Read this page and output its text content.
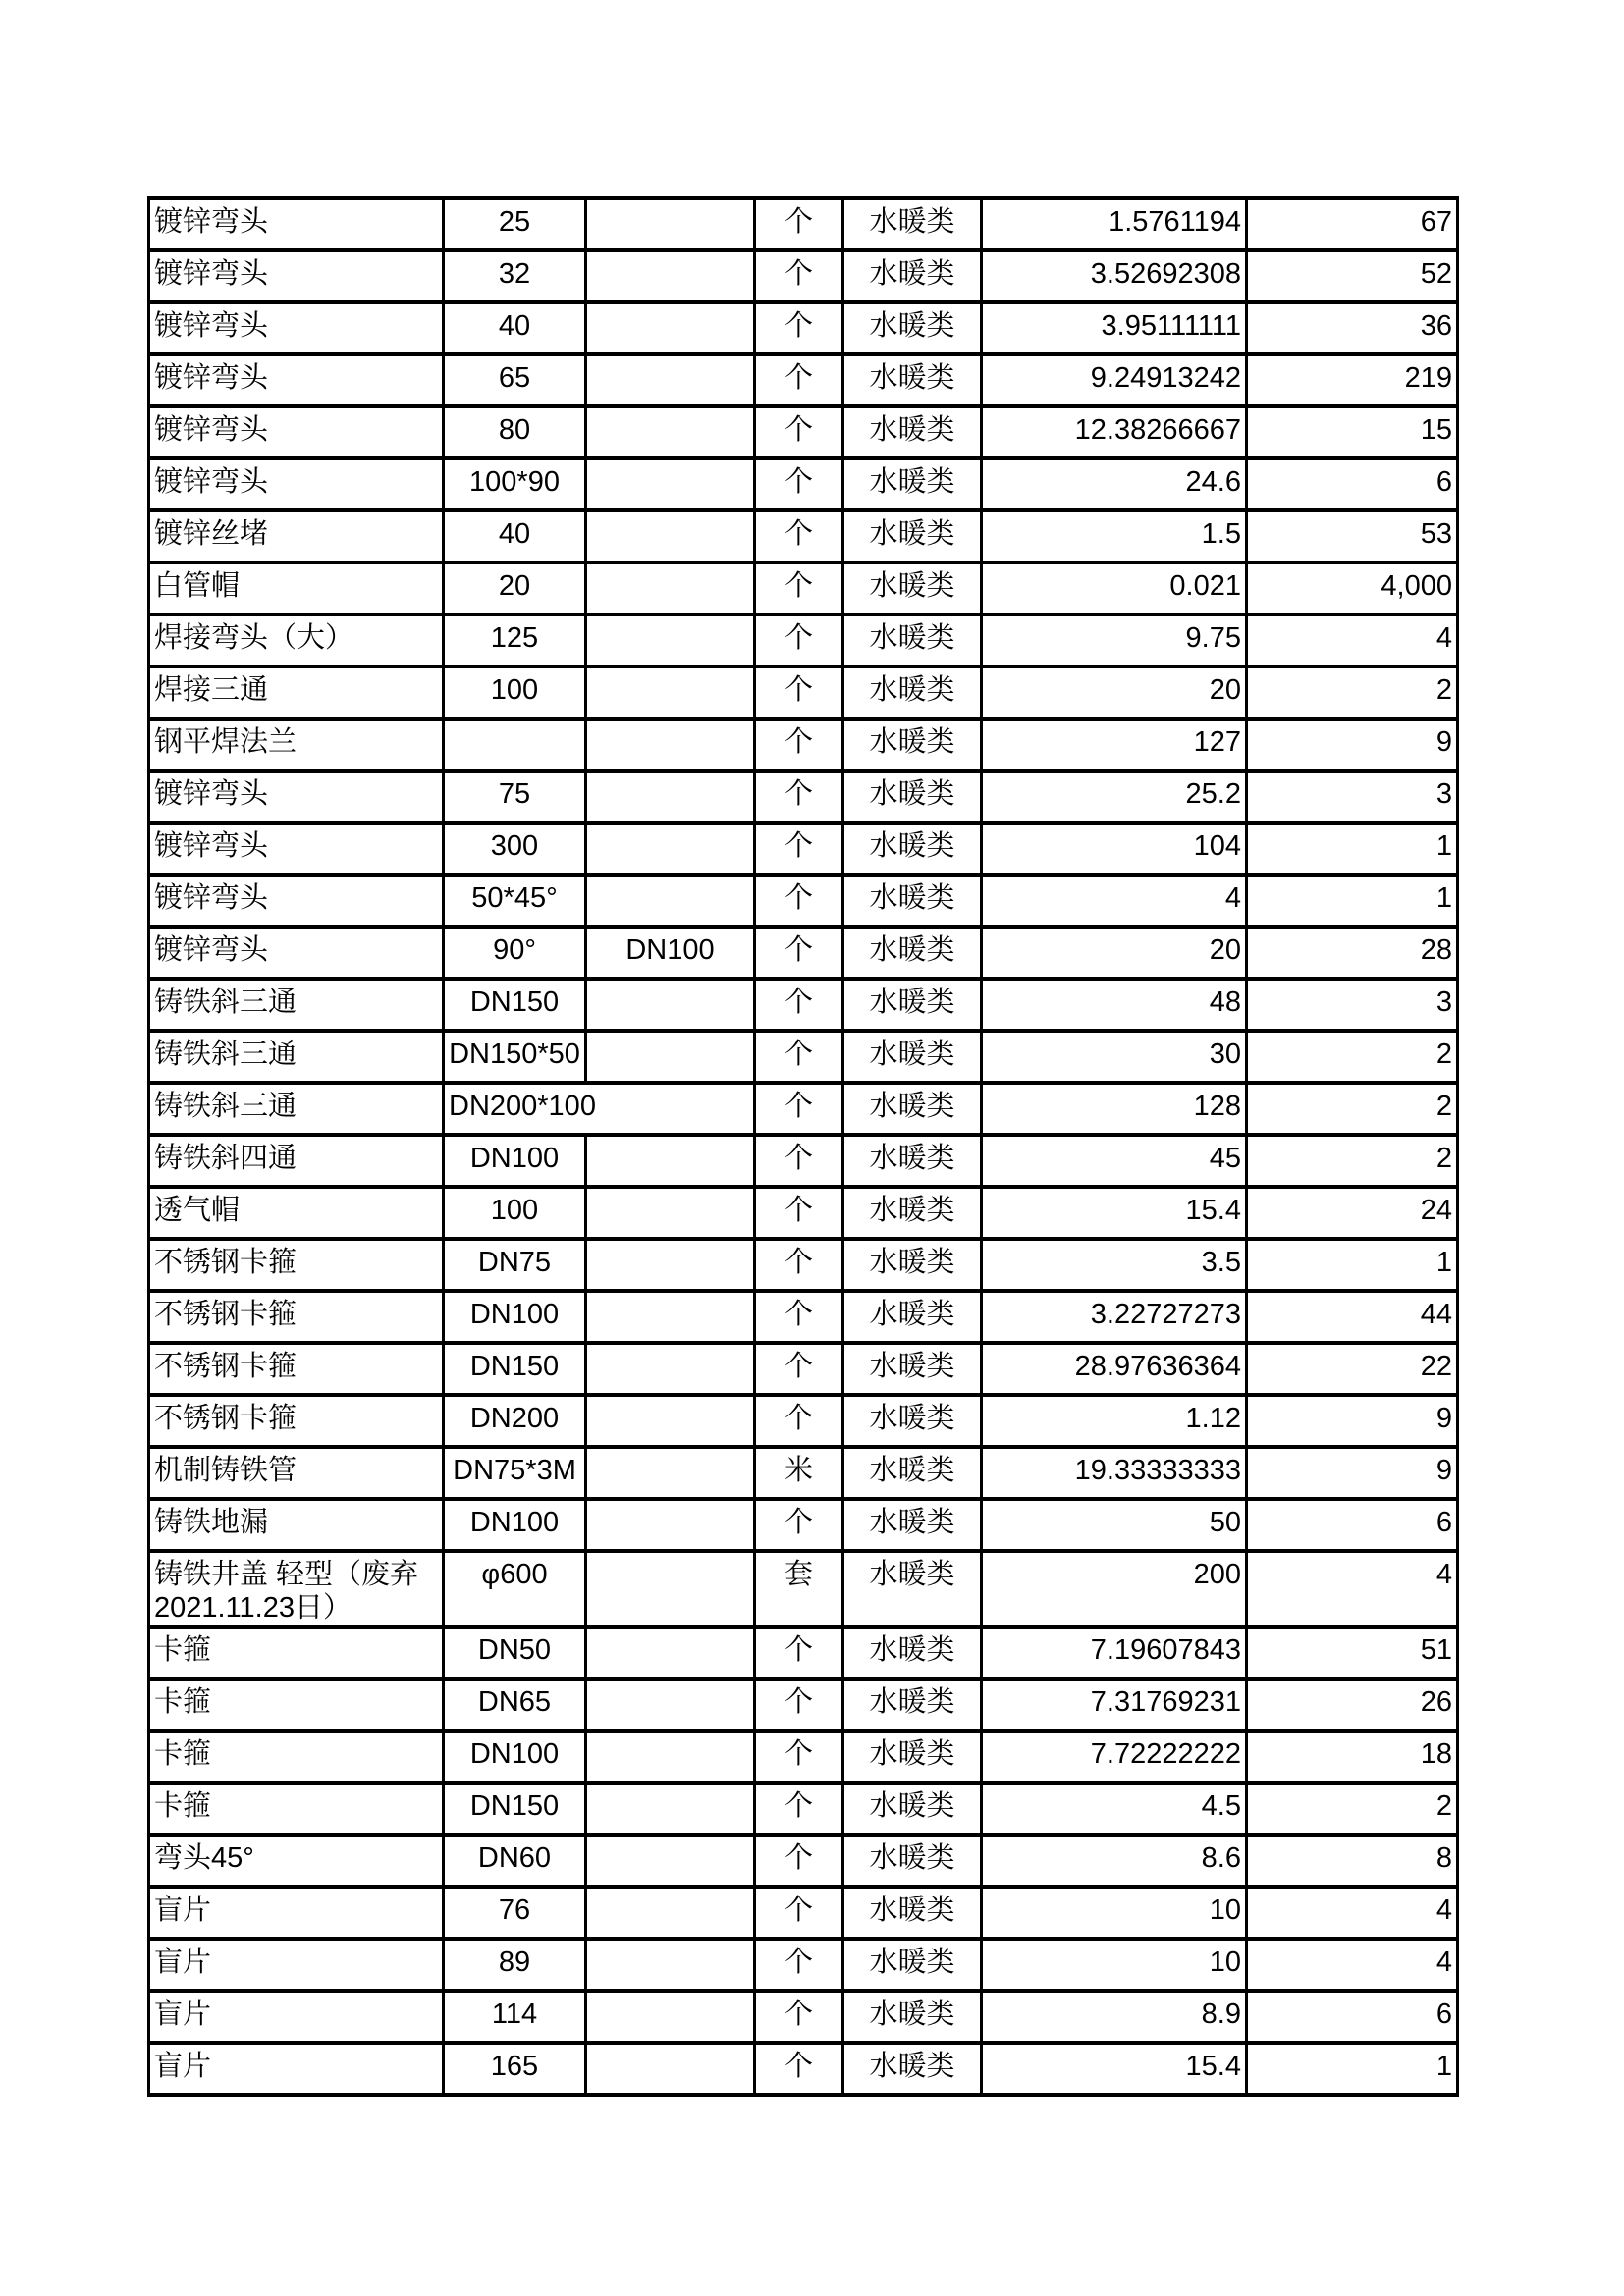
镀锌弯头	25		个	水暖类	1.5761194	67
镀锌弯头	32		个	水暖类	3.52692308	52
镀锌弯头	40		个	水暖类	3.95111111	36
镀锌弯头	65		个	水暖类	9.24913242	219
镀锌弯头	80		个	水暖类	12.38266667	15
镀锌弯头	100*90		个	水暖类	24.6	6
镀锌丝堵	40		个	水暖类	1.5	53
白管帽	20		个	水暖类	0.021	4,000
焊接弯头（大）	125		个	水暖类	9.75	4
焊接三通	100		个	水暖类	20	2
钢平焊法兰			个	水暖类	127	9
镀锌弯头	75		个	水暖类	25.2	3
镀锌弯头	300		个	水暖类	104	1
镀锌弯头	50*45°		个	水暖类	4	1
镀锌弯头	90°	DN100	个	水暖类	20	28
铸铁斜三通	DN150		个	水暖类	48	3
铸铁斜三通	DN150*50		个	水暖类	30	2
铸铁斜三通	DN200*100		个	水暖类	128	2
铸铁斜四通	DN100		个	水暖类	45	2
透气帽	100		个	水暖类	15.4	24
不锈钢卡箍	DN75		个	水暖类	3.5	1
不锈钢卡箍	DN100		个	水暖类	3.22727273	44
不锈钢卡箍	DN150		个	水暖类	28.97636364	22
不锈钢卡箍	DN200		个	水暖类	1.12	9
机制铸铁管	DN75*3M		米	水暖类	19.33333333	9
铸铁地漏	DN100		个	水暖类	50	6
铸铁井盖 轻型（废弃2021.11.23日）	φ600		套	水暖类	200	4
卡箍	DN50		个	水暖类	7.19607843	51
卡箍	DN65		个	水暖类	7.31769231	26
卡箍	DN100		个	水暖类	7.72222222	18
卡箍	DN150		个	水暖类	4.5	2
弯头45°	DN60		个	水暖类	8.6	8
盲片	76		个	水暖类	10	4
盲片	89		个	水暖类	10	4
盲片	114		个	水暖类	8.9	6
盲片	165		个	水暖类	15.4	1
